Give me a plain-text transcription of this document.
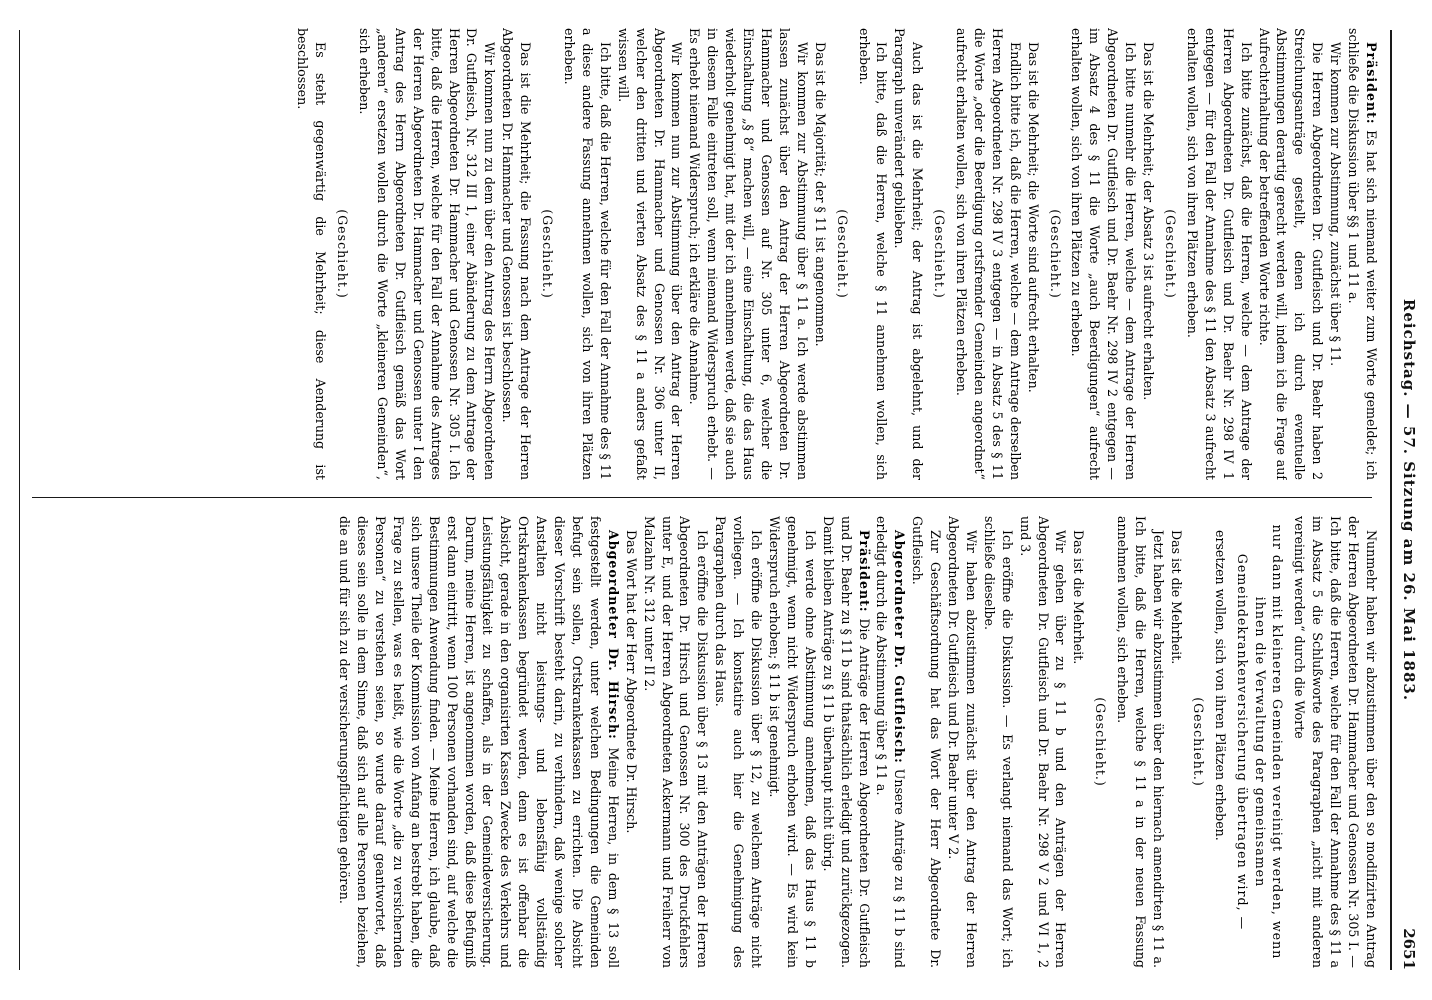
Reichstag. — 57. Sitzung am 26. Mai 1883.
2651

Präsident: Es hat sich niemand weiter zum Worte gemeldet; ich schließe die Diskussion über §§ 1 und 11 a.

Wir kommen zur Abstimmung, zunächst über § 11.

Die Herren Abgeordneten Dr. Gutfleisch und Dr. Baehr haben 2 Streichungsanträge gestellt, denen ich durch eventuelle Abstimmungen derartig gerecht werden will, indem ich die Frage auf Aufrechterhaltung der betreffenden Worte richte.

Ich bitte zunächst, daß die Herren, welche — dem Antrage der Herren Abgeordneten Dr. Gutfleisch und Dr. Baehr Nr. 298 IV 1 entgegen — für den Fall der Annahme des § 11 den Absatz 3 aufrecht erhalten wollen, sich von ihren Plätzen erheben.

(Geschieht.)

Das ist die Mehrheit; der Absatz 3 ist aufrecht erhalten.

Ich bitte nunmehr die Herren, welche — dem Antrage der Herren Abgeordneten Dr. Gutfleisch und Dr. Baehr Nr. 298 IV 2 entgegen — im Absatz 4 des § 11 die Worte „auch Beerdigungen“ aufrecht erhalten wollen, sich von ihren Plätzen zu erheben.

(Geschieht.)

Das ist die Mehrheit; die Worte sind aufrecht erhalten.

Endlich bitte ich, daß die Herren, welche — dem Antrage derselben Herren Abgeordneten Nr. 298 IV 3 entgegen — in Absatz 5 des § 11 die Worte „oder die Beerdigung ortsfremder Gemeinden angeordnet“ aufrecht erhalten wollen, sich von ihren Plätzen erheben.

(Geschieht.)

Auch das ist die Mehrheit; der Antrag ist abgelehnt, und der Paragraph unverändert geblieben.

Ich bitte, daß die Herren, welche § 11 annehmen wollen, sich erheben.

(Geschieht.)

Das ist die Majorität; der § 11 ist angenommen.

Wir kommen zur Abstimmung über § 11 a. Ich werde abstimmen lassen zunächst über den Antrag der Herren Abgeordneten Dr. Hammacher und Genossen auf Nr. 305 unter 6, welcher die Einschaltung „§ 8“ machen will, — eine Einschaltung, die das Haus wiederholt genehmigt hat, mit der ich annehmen werde, daß sie auch in diesem Falle eintreten soll, wenn niemand Widerspruch erhebt. — Es erhebt niemand Widerspruch; ich erkläre die Annahme.

Wir kommen nun zur Abstimmung über den Antrag der Herren Abgeordneten Dr. Hammacher und Genossen Nr. 306 unter II, welcher den dritten und vierten Absatz des § 11 a anders gefaßt wissen will.

Ich bitte, daß die Herren, welche für den Fall der Annahme des § 11 a diese andere Fassung annehmen wollen, sich von ihren Plätzen erheben.

(Geschieht.)

Das ist die Mehrheit; die Fassung nach dem Antrage der Herren Abgeordneten Dr. Hammacher und Genossen ist beschlossen.

Wir kommen nun zu dem über den Antrag des Herrn Abgeordneten Dr. Gutfleisch, Nr. 312 III 1, einer Abänderung zu dem Antrage der Herren Abgeordneten Dr. Hammacher und Genossen Nr. 305 I. Ich bitte, daß die Herren, welche für den Fall der Annahme des Antrages der Herren Abgeordneten Dr. Hammacher und Genossen unter I den Antrag des Herrn Abgeordneten Dr. Gutfleisch gemäß das Wort „anderen“ ersetzen wollen durch die Worte „kleineren Gemeinden“, sich erheben.

(Geschieht.)

Es steht gegenwärtig die Mehrheit; diese Aenderung ist beschlossen.

Nunmehr haben wir abzustimmen über den so modifizirten Antrag der Herren Abgeordneten Dr. Hammacher und Genossen Nr. 305 I. — Ich bitte, daß die Herren, welche für den Fall der Annahme des § 11 a im Absatz 5 die Schlußworte des Paragraphen „nicht mit anderen vereinigt werden“ durch die Worte

nur dann mit kleineren Gemeinden vereinigt werden, wenn ihnen die Verwaltung der gemeinsamen Gemeindekrankenversicherung übertragen wird, —

ersetzen wollen, sich von ihren Plätzen erheben.

(Geschieht.)

Das ist die Mehrheit.

Jetzt haben wir abzustimmen über den hiernach amendirten § 11 a. Ich bitte, daß die Herren, welche § 11 a in der neuen Fassung annehmen wollen, sich erheben.

(Geschieht.)

Das ist die Mehrheit.

Wir gehen über zu § 11 b und den Anträgen der Herren Abgeordneten Dr. Gutfleisch und Dr. Baehr Nr. 298 V 2 und VI 1, 2 und 3.

Ich eröffne die Diskussion. — Es verlangt niemand das Wort; ich schließe dieselbe.

Wir haben abzustimmen zunächst über den Antrag der Herren Abgeordneten Dr. Gutfleisch und Dr. Baehr unter V 2.

Zur Geschäftsordnung hat das Wort der Herr Abgeordnete Dr. Gutfleisch.

Abgeordneter Dr. Gutfleisch: Unsere Anträge zu § 11 b sind erledigt durch die Abstimmung über § 11 a.

Präsident: Die Anträge der Herren Abgeordneten Dr. Gutfleisch und Dr. Baehr zu § 11 b sind thatsächlich erledigt und zurückgezogen. Damit bleiben Anträge zu § 11 b überhaupt nicht übrig.

Ich werde ohne Abstimmung annehmen, daß das Haus § 11 b genehmigt, wenn nicht Widerspruch erhoben wird. — Es wird kein Widerspruch erhoben; § 11 b ist genehmigt.

Ich eröffne die Diskussion über § 12, zu welchem Anträge nicht vorliegen. — Ich konstatire auch hier die Genehmigung des Paragraphen durch das Haus.

Ich eröffne die Diskussion über § 13 mit den Anträgen der Herren Abgeordneten Dr. Hirsch und Genossen Nr. 300 des Druckfehlers unter E, und der Herren Abgeordneten Ackermann und Freiherr von Malzahn Nr. 312 unter II 2.

Das Wort hat der Herr Abgeordnete Dr. Hirsch.

Abgeordneter Dr. Hirsch: Meine Herren, in dem § 13 soll festgestellt werden, unter welchen Bedingungen die Gemeinden befugt sein sollen, Ortskrankenkassen zu errichten. Die Absicht dieser Vorschrift besteht darin, zu verhindern, daß wenige solcher Anstalten nicht leistungs- und lebensfähig vollständig Ortskrankenkassen begründet werden, denn es ist offenbar die Absicht, gerade in den organisirten Kassen Zwecke des Verkehrs und Leistungsfähigkeit zu schaffen, als in der Gemeindeversicherung. Darum, meine Herren, ist angenommen worden, daß diese Befugniß erst dann eintritt, wenn 100 Personen vorhanden sind, auf welche die Bestimmungen Anwendung finden. — Meine Herren, ich glaube, daß sich unsere Theile der Kommission von Anfang an bestrebt haben, die Frage zu stellen, was es heißt, wie die Worte „die zu versichernden Personen“ zu verstehen seien, so wurde darauf geantwortet, daß dieses sein solle in dem Sinne, daß sich auf alle Personen beziehen, die an und für sich zu der versicherungspflichtigen gehören.
